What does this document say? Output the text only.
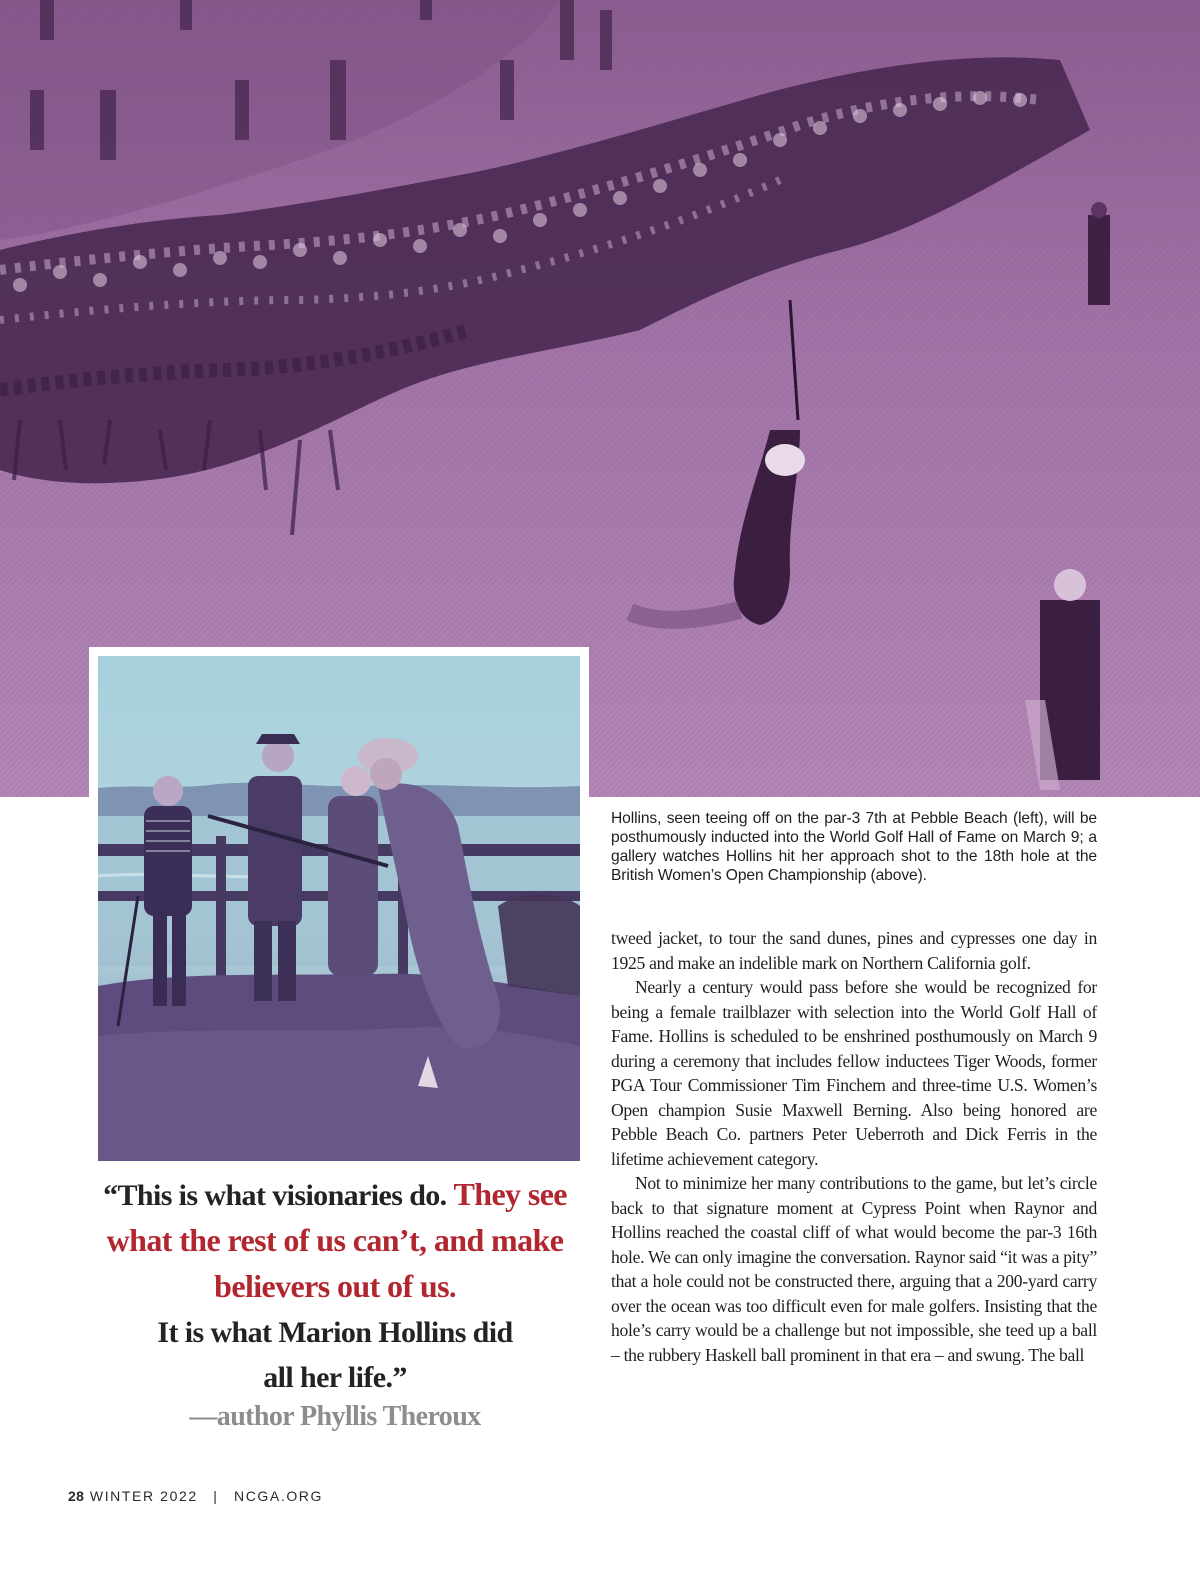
Hollins, seen teeing off on the par-3 7th at Pebble Beach (left), will be posthumously inducted into the World Golf Hall of Fame on March 9; a gallery watches Hollins hit her approach shot to the 18th hole at the British Women’s Open Championship (above).

tweed jacket, to tour the sand dunes, pines and cypresses one day in 1925 and make an indelible mark on Northern California golf.

Nearly a century would pass before she would be recognized for being a female trailblazer with selection into the World Golf Hall of Fame. Hollins is scheduled to be enshrined posthumously on March 9 during a ceremony that includes fellow inductees Tiger Woods, former PGA Tour Commissioner Tim Finchem and three-time U.S. Women’s Open champion Susie Maxwell Berning. Also being honored are Pebble Beach Co. partners Peter Ueberroth and Dick Ferris in the lifetime achievement category.

Not to minimize her many contributions to the game, but let’s circle back to that signature moment at Cypress Point when Raynor and Hollins reached the coastal cliff of what would become the par-3 16th hole. We can only imagine the conversation. Raynor said “it was a pity” that a hole could not be constructed there, arguing that a 200-yard carry over the ocean was too difficult even for male golfers. Insisting that the hole’s carry would be a challenge but not impossible, she teed up a ball – the rubbery Haskell ball prominent in that era – and swung. The ball

“This is what visionaries do. They see what the rest of us can’t, and make believers out of us.
It is what Marion Hollins did all her life.”
—author Phyllis Theroux
28 WINTER 2022 | NCGA.ORG
